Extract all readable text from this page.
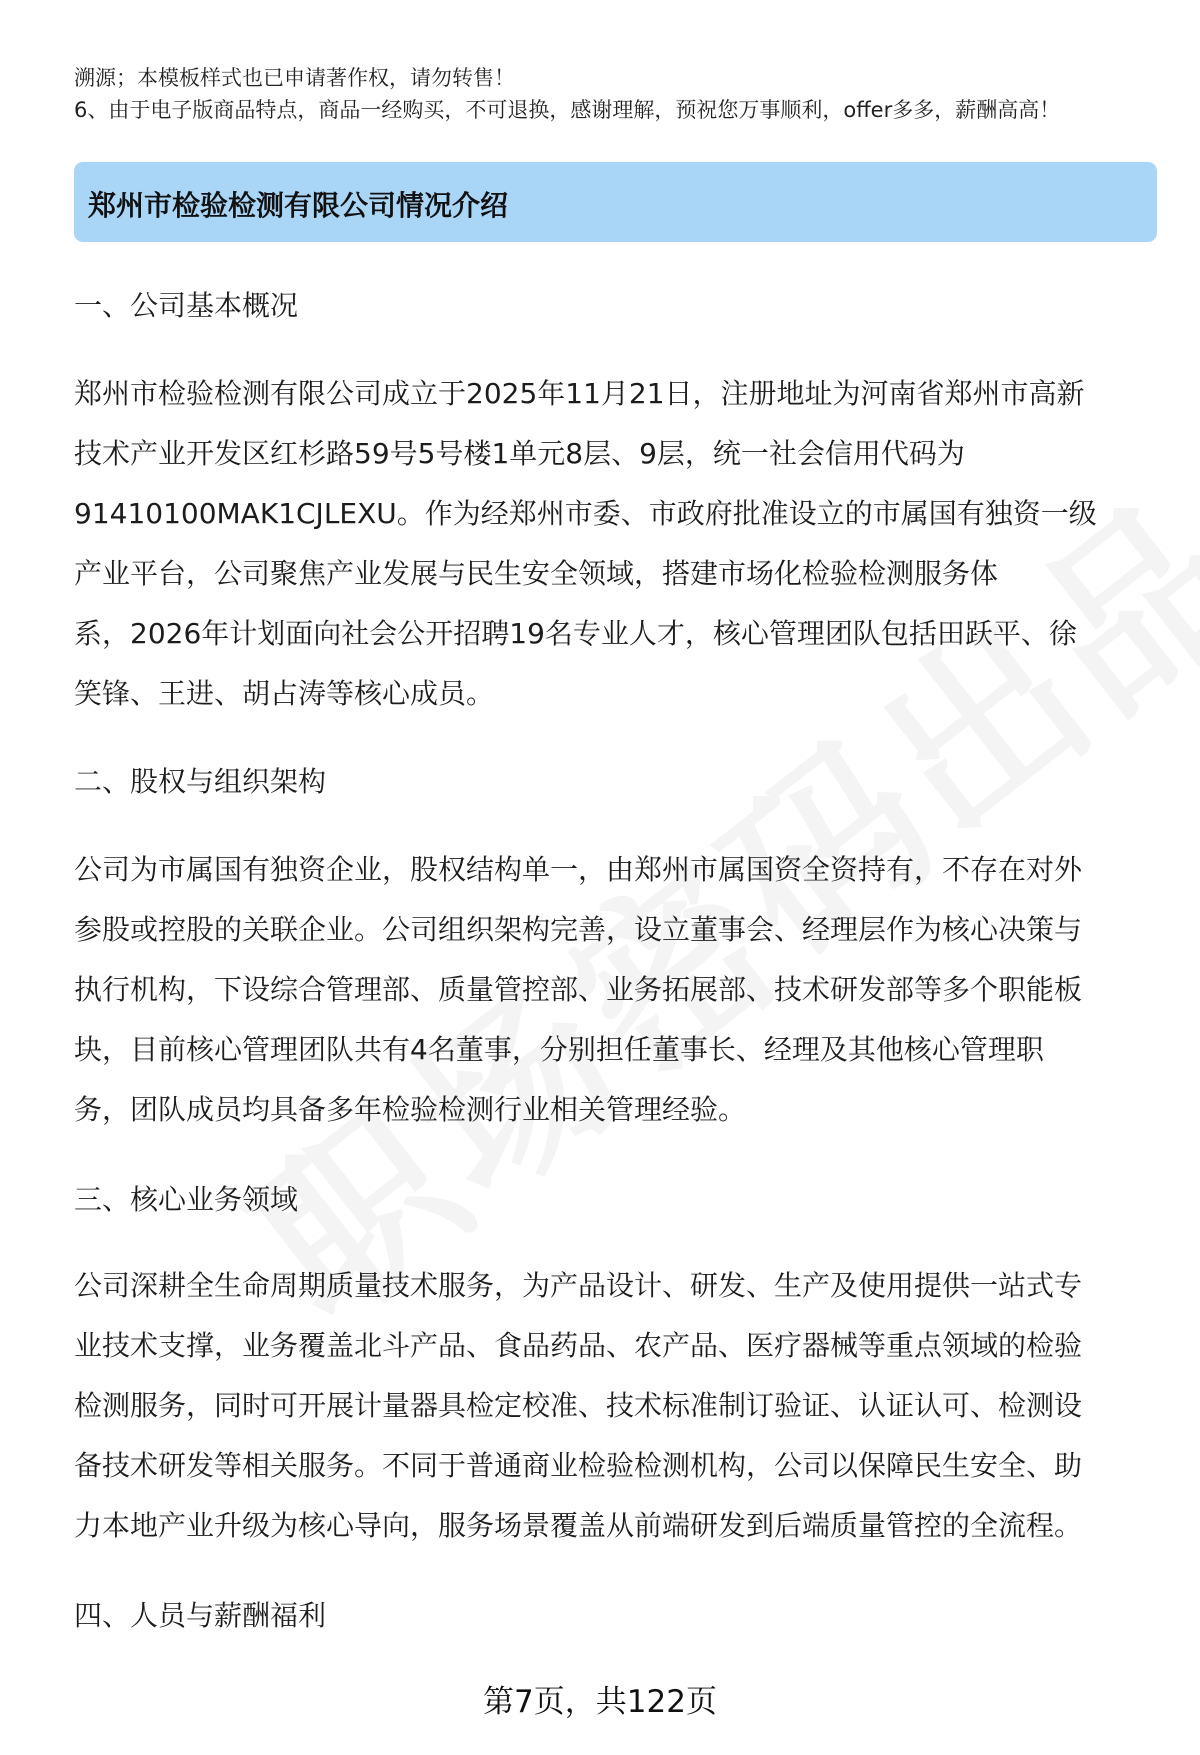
溯源；本模板样式也已申请著作权，请勿转售！
6、由于电子版商品特点，商品一经购买，不可退换，感谢理解，预祝您万事顺利，offer多多，薪酬高高！
郑州市检验检测有限公司情况介绍
一、公司基本概况
郑州市检验检测有限公司成立于2025年11月21日，注册地址为河南省郑州市高新
技术产业开发区红杉路59号5号楼1单元8层、9层，统一社会信用代码为
91410100MAK1CJLEXU。作为经郑州市委、市政府批准设立的市属国有独资一级
产业平台，公司聚焦产业发展与民生安全领域，搭建市场化检验检测服务体
系，2026年计划面向社会公开招聘19名专业人才，核心管理团队包括田跃平、徐
笑锋、王进、胡占涛等核心成员。
二、股权与组织架构
公司为市属国有独资企业，股权结构单一，由郑州市属国资全资持有，不存在对外
参股或控股的关联企业。公司组织架构完善，设立董事会、经理层作为核心决策与
执行机构，下设综合管理部、质量管控部、业务拓展部、技术研发部等多个职能板
块，目前核心管理团队共有4名董事，分别担任董事长、经理及其他核心管理职
务，团队成员均具备多年检验检测行业相关管理经验。
三、核心业务领域
公司深耕全生命周期质量技术服务，为产品设计、研发、生产及使用提供一站式专
业技术支撑，业务覆盖北斗产品、食品药品、农产品、医疗器械等重点领域的检验
检测服务，同时可开展计量器具检定校准、技术标准制订验证、认证认可、检测设
备技术研发等相关服务。不同于普通商业检验检测机构，公司以保障民生安全、助
力本地产业升级为核心导向，服务场景覆盖从前端研发到后端质量管控的全流程。
四、人员与薪酬福利
第7页，共122页
